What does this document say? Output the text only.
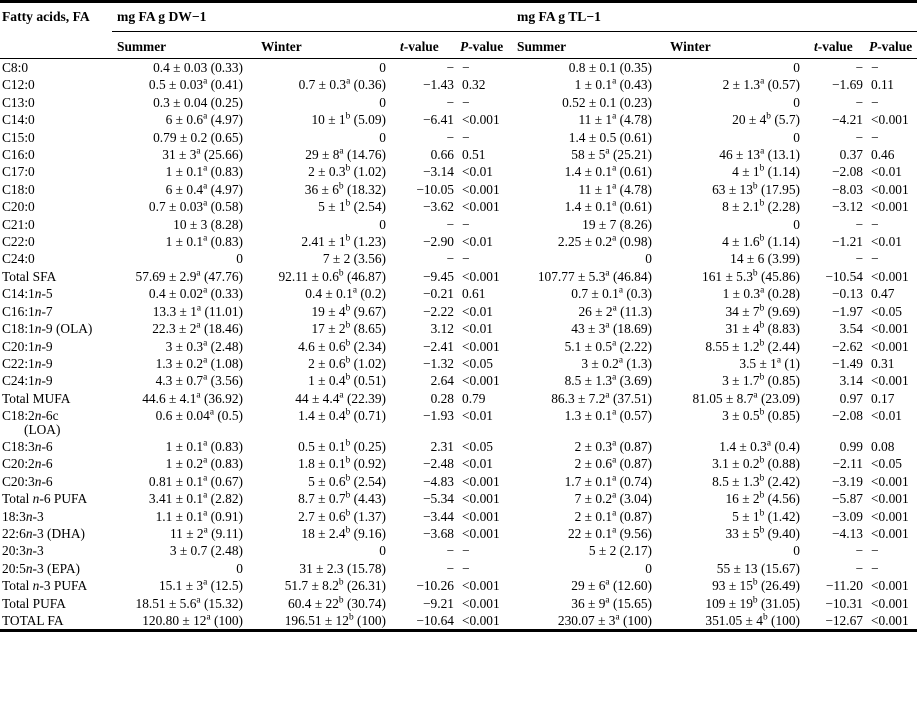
Fatty acids, FA	mg FA g DW−1				mg FA g TL−1			

	Summer	Winter	t-value	P-value	Summer	Winter	t-value	P-value

C8:0	0.4 ± 0.03 (0.33)	0	−	−	0.8 ± 0.1 (0.35)	0	−	−
C12:0	0.5 ± 0.03$^a$ (0.41)	0.7 ± 0.3$^a$ (0.36)	−1.43	0.32	1 ± 0.1$^a$ (0.43)	2 ± 1.3$^a$ (0.57)	−1.69	0.11
C13:0	0.3 ± 0.04 (0.25)	0	−	−	0.52 ± 0.1 (0.23)	0	−	−
C14:0	6 ± 0.6$^a$ (4.97)	$10 \pm 1^b$ (5.09)	−6.41	<0.001	$11 \pm 1^a$ (4.78)	$20 \pm 4^b$ (5.7)	−4.21	<0.001
C15:0	0.79 ± 0.2 (0.65)	0	−	−	1.4 ± 0.5 (0.61)	0	−	−
C16:0	$31 \pm 3^a$ (25.66)	$29 \pm 8^a$ (14.76)	0.66	0.51	$58 \pm 5^a$ (25.21)	$46 \pm 13^a$ (13.1)	0.37	0.46
C17:0	1 ± 0.1$^a$ (0.83)	2 ± 0.3$^b$ (1.02)	−3.14	<0.01	1.4 ± 0.1$^a$ (0.61)	$4 \pm 1^b$ (1.14)	−2.08	<0.01
C18:0	6 ± 0.4$^a$ (4.97)	$36 \pm 6^b$ (18.32)	−10.05	<0.001	$11 \pm 1^a$ (4.78)	$63 \pm 13^b$ (17.95)	−8.03	<0.001
C20:0	0.7 ± 0.03$^a$ (0.58)	$5 \pm 1^b$ (2.54)	−3.62	<0.001	1.4 ± 0.1$^a$ (0.61)	8 ± 2.1$^b$ (2.28)	−3.12	<0.001
C21:0	10 ± 3 (8.28)	0	−	−	19 ± 7 (8.26)	0	−	−
C22:0	1 ± 0.1$^a$ (0.83)	$2.41 \pm 1^b$ (1.23)	−2.90	<0.01	2.25 ± 0.2$^a$ (0.98)	4 ± 1.6$^b$ (1.14)	−1.21	<0.01
C24:0	0	7 ± 2 (3.56)	−	−	0	14 ± 6 (3.99)	−	−
Total SFA	57.69 ± 2.9$^a$ (47.76)	92.11 ± 0.6$^b$ (46.87)	−9.45	<0.001	107.77 ± 5.3$^a$ (46.84)	161 ± 5.3$^b$ (45.86)	−10.54	<0.001
C14:1n-5	0.4 ± 0.02$^a$ (0.33)	0.4 ± 0.1$^a$ (0.2)	−0.21	0.61	0.7 ± 0.1$^a$ (0.3)	1 ± 0.3$^a$ (0.28)	−0.13	0.47
C16:1n-7	$13.3 \pm 1^a$ (11.01)	$19 \pm 4^b$ (9.67)	−2.22	<0.01	$26 \pm 2^a$ (11.3)	$34 \pm 7^b$ (9.69)	−1.97	<0.05
C18:1n-9 (OLA)	$22.3 \pm 2^a$ (18.46)	$17 \pm 2^b$ (8.65)	3.12	<0.01	$43 \pm 3^a$ (18.69)	$31 \pm 4^b$ (8.83)	3.54	<0.001
C20:1n-9	3 ± 0.3$^a$ (2.48)	4.6 ± 0.6$^b$ (2.34)	−2.41	<0.001	5.1 ± 0.5$^a$ (2.22)	8.55 ± 1.2$^b$ (2.44)	−2.62	<0.001
C22:1n-9	1.3 ± 0.2$^a$ (1.08)	2 ± 0.6$^b$ (1.02)	−1.32	<0.05	3 ± 0.2$^a$ (1.3)	$3.5 \pm 1^a$ (1)	−1.49	0.31
C24:1n-9	4.3 ± 0.7$^a$ (3.56)	1 ± 0.4$^b$ (0.51)	2.64	<0.001	8.5 ± 1.3$^a$ (3.69)	3 ± 1.7$^b$ (0.85)	3.14	<0.001
Total MUFA	44.6 ± 4.1$^a$ (36.92)	44 ± 4.4$^a$ (22.39)	0.28	0.79	86.3 ± 7.2$^a$ (37.51)	81.05 ± 8.7$^a$ (23.09)	0.97	0.17
C18:2n-6c
(LOA)	0.6 ± 0.04$^a$ (0.5)	1.4 ± 0.4$^b$ (0.71)	−1.93	<0.01	1.3 ± 0.1$^a$ (0.57)	3 ± 0.5$^b$ (0.85)	−2.08	<0.01
C18:3n-6	1 ± 0.1$^a$ (0.83)	0.5 ± 0.1$^b$ (0.25)	2.31	<0.05	2 ± 0.3$^a$ (0.87)	1.4 ± 0.3$^a$ (0.4)	0.99	0.08
C20:2n-6	1 ± 0.2$^a$ (0.83)	1.8 ± 0.1$^b$ (0.92)	−2.48	<0.01	2 ± 0.6$^a$ (0.87)	3.1 ± 0.2$^b$ (0.88)	−2.11	<0.05
C20:3n-6	0.81 ± 0.1$^a$ (0.67)	5 ± 0.6$^b$ (2.54)	−4.83	<0.001	1.7 ± 0.1$^a$ (0.74)	8.5 ± 1.3$^b$ (2.42)	−3.19	<0.001
Total n-6 PUFA	3.41 ± 0.1$^a$ (2.82)	8.7 ± 0.7$^b$ (4.43)	−5.34	<0.001	7 ± 0.2$^a$ (3.04)	$16 \pm 2^b$ (4.56)	−5.87	<0.001
18:3n-3	1.1 ± 0.1$^a$ (0.91)	2.7 ± 0.6$^b$ (1.37)	−3.44	<0.001	2 ± 0.1$^a$ (0.87)	$5 \pm 1^b$ (1.42)	−3.09	<0.001
22:6n-3 (DHA)	$11 \pm 2^a$ (9.11)	18 ± 2.4$^b$ (9.16)	−3.68	<0.001	22 ± 0.1$^a$ (9.56)	$33 \pm 5^b$ (9.40)	−4.13	<0.001
20:3n-3	3 ± 0.7 (2.48)	0	−	−	5 ± 2 (2.17)	0	−	−
20:5n-3 (EPA)	0	31 ± 2.3 (15.78)	−	−	0	55 ± 13 (15.67)	−	−
Total n-3 PUFA	$15.1 \pm 3^a$ (12.5)	51.7 ± 8.2$^b$ (26.31)	−10.26	<0.001	$29 \pm 6^a$ (12.60)	$93 \pm 15^b$ (26.49)	−11.20	<0.001
Total PUFA	18.51 ± 5.6$^a$ (15.32)	$60.4 \pm 22^b$ (30.74)	−9.21	<0.001	$36 \pm 9^a$ (15.65)	$109 \pm 19^b$ (31.05)	−10.31	<0.001
TOTAL FA	$120.80 \pm 12^a$ (100)	$196.51 \pm 12^b$ (100)	−10.64	<0.001	$230.07 \pm 3^a$ (100)	$351.05 \pm 4^b$ (100)	−12.67	<0.001
